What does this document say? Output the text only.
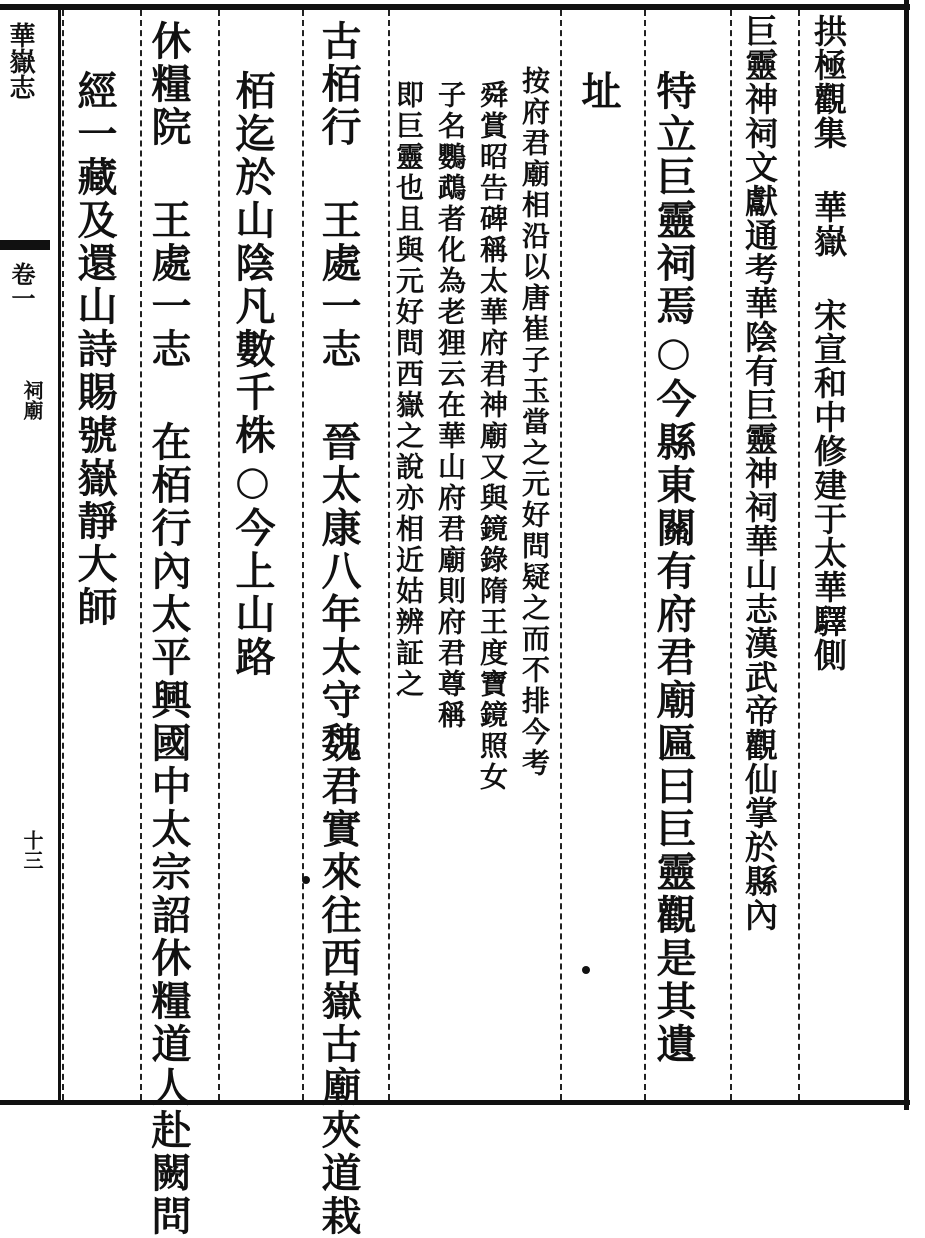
拱極觀集 華嶽 宋宣和中修建于太華驛側
巨靈神祠文獻通考華陰有巨靈神祠華山志漢武帝觀仙掌於縣內
特立巨靈祠焉○今縣東關有府君廟匾曰巨靈觀是其遺
址
按府君廟相沿以唐崔子玉當之元好問疑之而不排今考
舜賞昭告碑稱太華府君神廟又與鏡錄隋王度寶鏡照女
子名鸚鵡者化為老狸云在華山府君廟則府君尊稱
即巨靈也且與元好問西嶽之說亦相近姑辨証之
古栢行 王處一志 晉太康八年太守魏君實來往西嶽古廟夾道栽
栢迄於山陰凡數千株○今上山路
休糧院 王處一志 在栢行內太平興國中太宗詔休糧道人赴闕問
經一藏及還山詩賜號嶽靜大師
華嶽志
卷一
祠廟
十三
